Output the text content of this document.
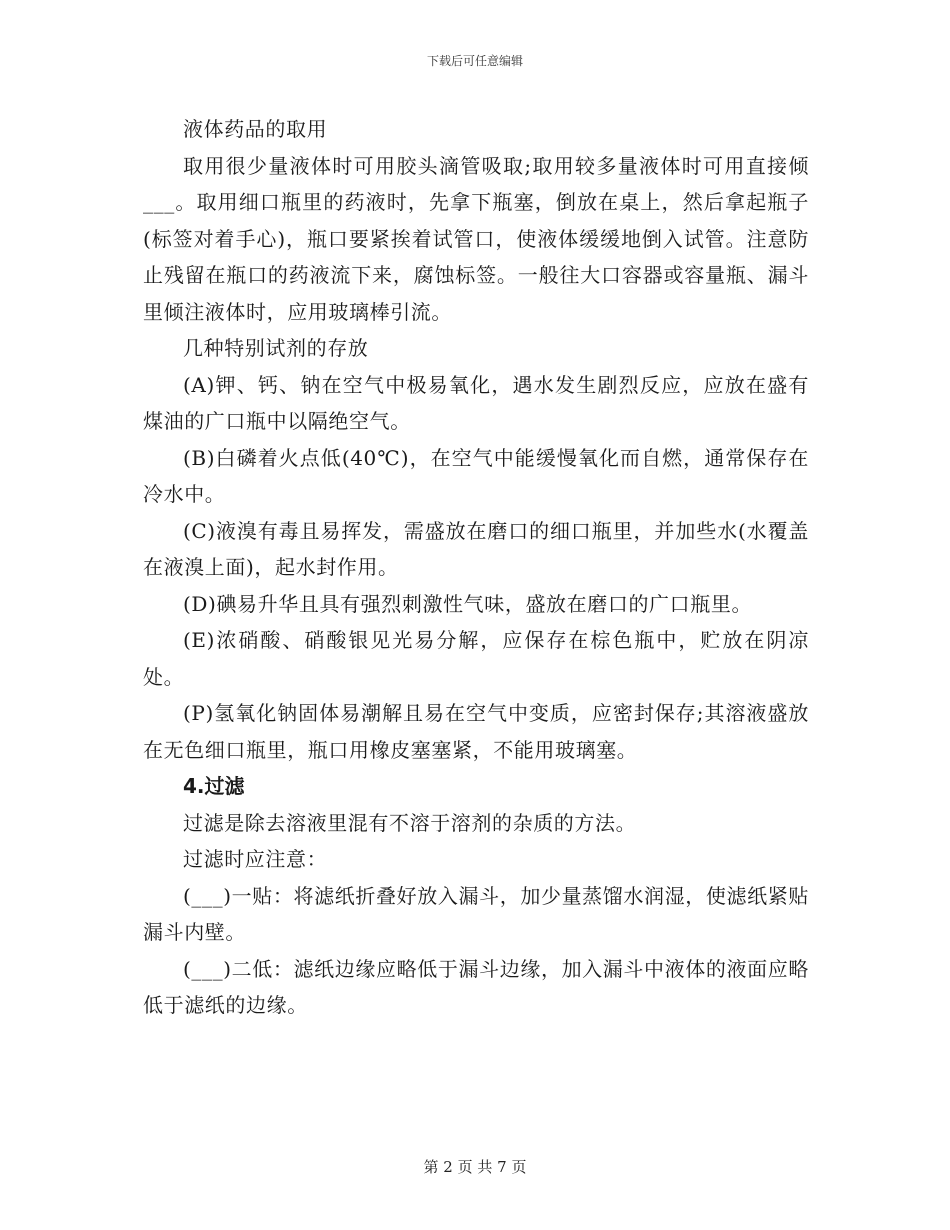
下载后可任意编辑

液体药品的取用

取用很少量液体时可用胶头滴管吸取;取用较多量液体时可用直接倾___。取用细口瓶里的药液时，先拿下瓶塞，倒放在桌上，然后拿起瓶子(标签对着手心)，瓶口要紧挨着试管口，使液体缓缓地倒入试管。注意防止残留在瓶口的药液流下来，腐蚀标签。一般往大口容器或容量瓶、漏斗里倾注液体时，应用玻璃棒引流。

几种特别试剂的存放

(A)钾、钙、钠在空气中极易氧化，遇水发生剧烈反应，应放在盛有煤油的广口瓶中以隔绝空气。

(B)白磷着火点低(40℃)，在空气中能缓慢氧化而自燃，通常保存在冷水中。

(C)液溴有毒且易挥发，需盛放在磨口的细口瓶里，并加些水(水覆盖在液溴上面)，起水封作用。

(D)碘易升华且具有强烈刺激性气味，盛放在磨口的广口瓶里。

(E)浓硝酸、硝酸银见光易分解，应保存在棕色瓶中，贮放在阴凉处。

(P)氢氧化钠固体易潮解且易在空气中变质，应密封保存;其溶液盛放在无色细口瓶里，瓶口用橡皮塞塞紧，不能用玻璃塞。

4.过滤

过滤是除去溶液里混有不溶于溶剂的杂质的方法。

过滤时应注意：

(___)一贴：将滤纸折叠好放入漏斗，加少量蒸馏水润湿，使滤纸紧贴漏斗内壁。

(___)二低：滤纸边缘应略低于漏斗边缘，加入漏斗中液体的液面应略低于滤纸的边缘。

第 2 页 共 7 页
